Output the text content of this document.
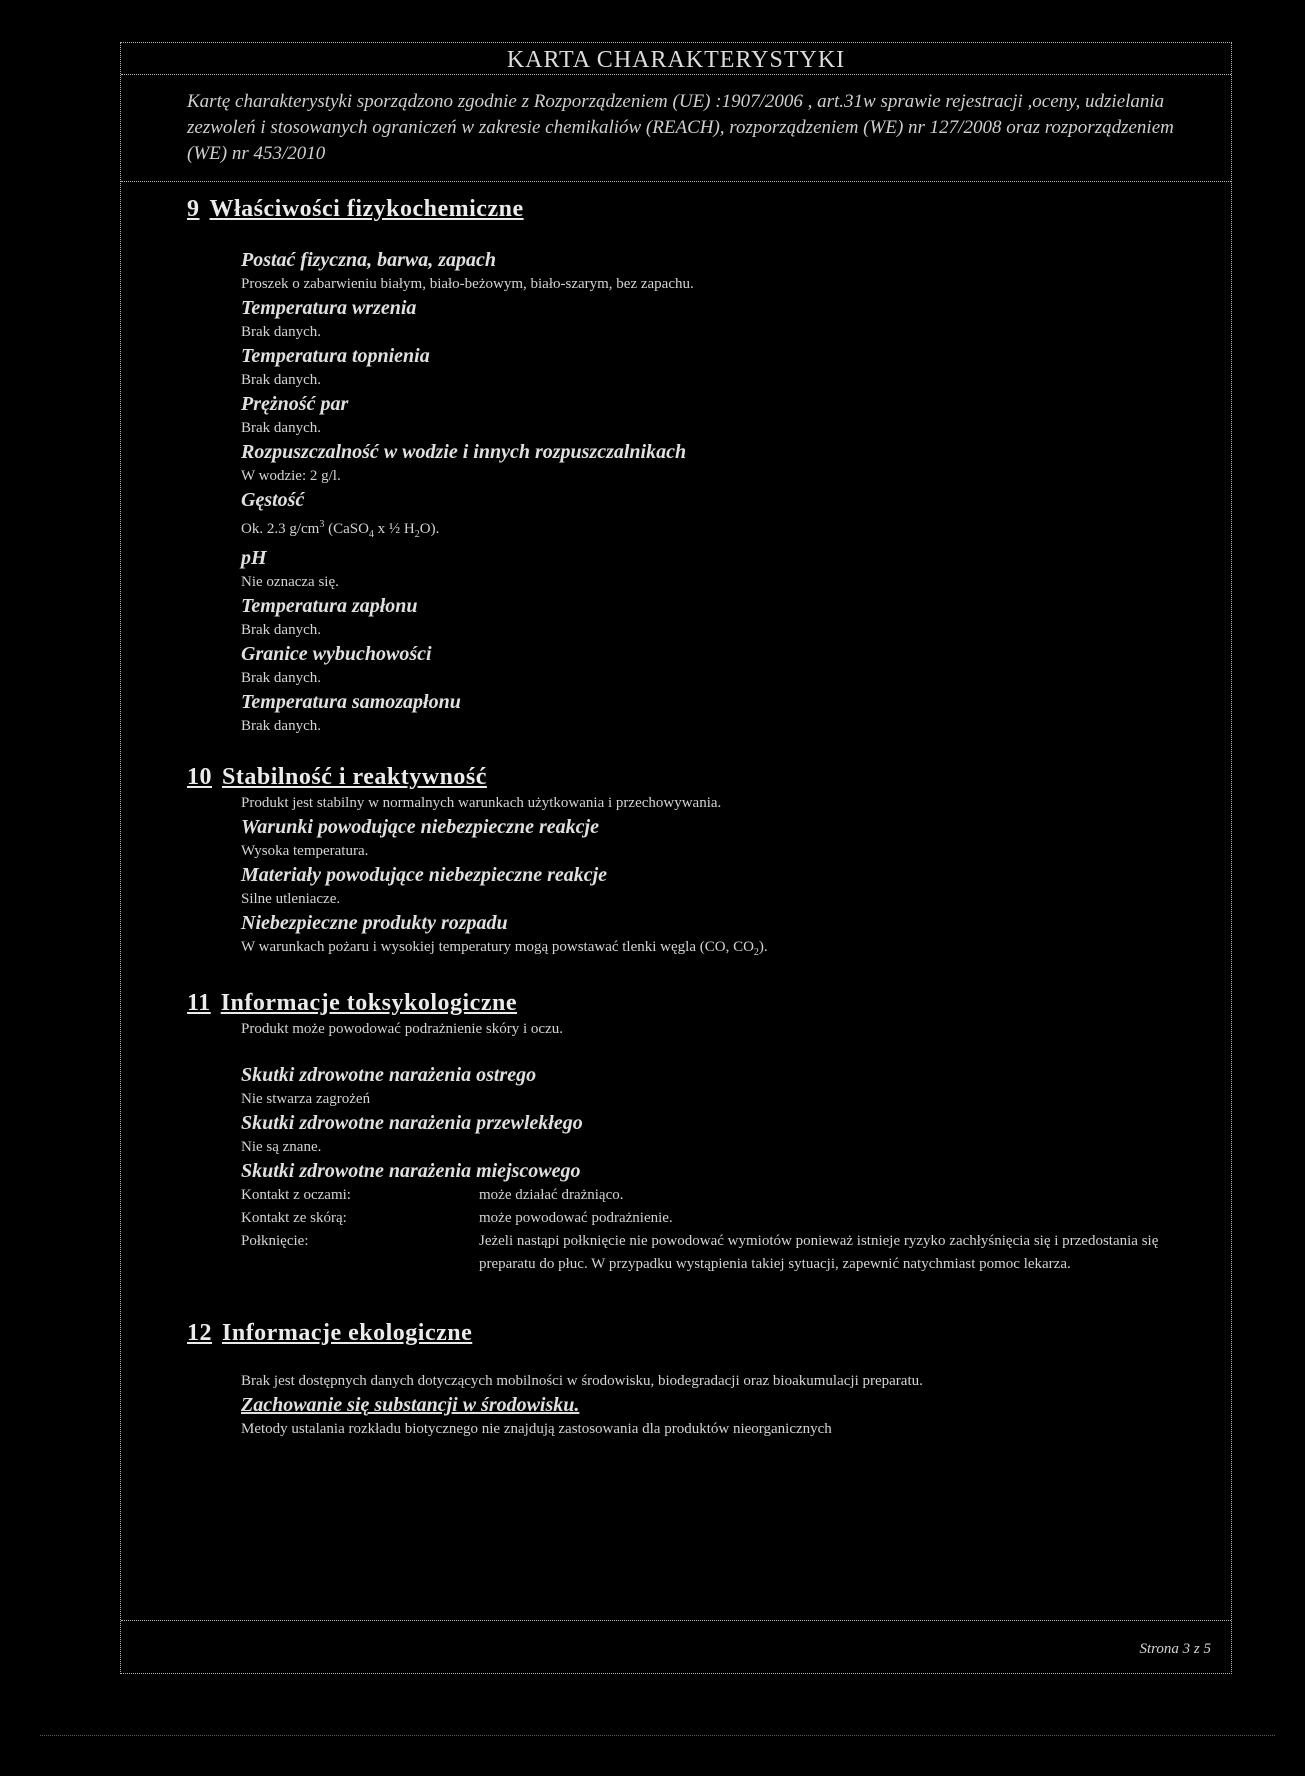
KARTA CHARAKTERYSTYKI
Kartę charakterystyki sporządzono zgodnie z Rozporządzeniem (UE) :1907/2006 , art.31w sprawie rejestracji ,oceny, udzielania zezwoleń i stosowanych ograniczeń w zakresie chemikaliów (REACH), rozporządzeniem (WE) nr 127/2008 oraz rozporządzeniem (WE) nr 453/2010
9 Właściwości fizykochemiczne
Postać fizyczna, barwa, zapach
Proszek o zabarwieniu białym, biało-beżowym, biało-szarym, bez zapachu.
Temperatura wrzenia
Brak danych.
Temperatura topnienia
Brak danych.
Prężność par
Brak danych.
Rozpuszczalność w wodzie i innych rozpuszczalnikach
W wodzie: 2 g/l.
Gęstość
Ok. 2.3 $g/cm^3$ (CaSO$_4$ x ½ $H_2O$).
pH
Nie oznacza się.
Temperatura zapłonu
Brak danych.
Granice wybuchowości
Brak danych.
Temperatura samozapłonu
Brak danych.
10 Stabilność i reaktywność
Produkt jest stabilny w normalnych warunkach użytkowania i przechowywania.
Warunki powodujące niebezpieczne reakcje
Wysoka temperatura.
Materiały powodujące niebezpieczne reakcje
Silne utleniacze.
Niebezpieczne produkty rozpadu
W warunkach pożaru i wysokiej temperatury mogą powstawać tlenki węgla (CO, $CO_2$).
11 Informacje toksykologiczne
Produkt może powodować podrażnienie skóry i oczu.
Skutki zdrowotne narażenia ostrego
Nie stwarza zagrożeń
Skutki zdrowotne narażenia przewlekłego
Nie są znane.
Skutki zdrowotne narażenia miejscowego
Kontakt z oczami:	może działać drażniąco.
Kontakt ze skórą:	może powodować podrażnienie.
Połknięcie:	Jeżeli nastąpi połknięcie nie powodować wymiotów ponieważ istnieje ryzyko zachłyśnięcia się i przedostania się preparatu do płuc. W przypadku wystąpienia takiej sytuacji, zapewnić natychmiast pomoc lekarza.
12 Informacje ekologiczne
Brak jest dostępnych danych dotyczących mobilności w środowisku, biodegradacji oraz bioakumulacji preparatu.
Zachowanie się substancji w środowisku.
Metody ustalania rozkładu biotycznego nie znajdują zastosowania dla produktów nieorganicznych
Strona 3 z 5
